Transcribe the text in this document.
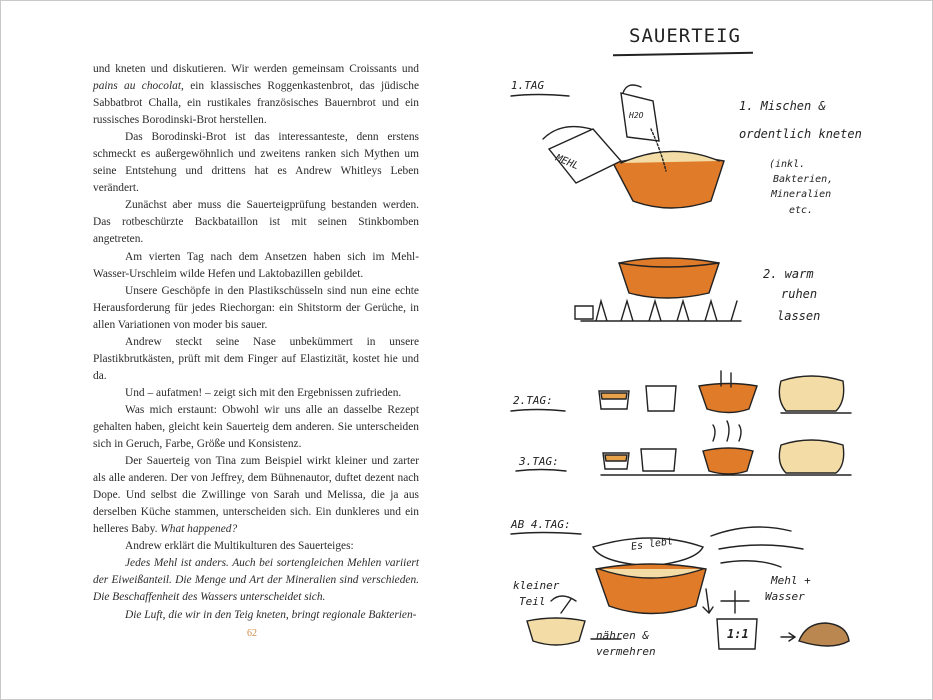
und kneten und diskutieren. Wir werden gemeinsam Croissants und pains au chocolat, ein klassisches Roggenkastenbrot, das jüdische Sabbatbrot Challa, ein rustikales französisches Bauernbrot und ein russisches Borodinski-Brot herstellen.

Das Borodinski-Brot ist das interessanteste, denn erstens schmeckt es außergewöhnlich und zweitens ranken sich Mythen um seine Entstehung und drittens hat es Andrew Whitleys Leben verändert.

Zunächst aber muss die Sauerteigprüfung bestanden werden. Das rotbeschürzte Backbataillon ist mit seinen Stinkbomben angetreten.

Am vierten Tag nach dem Ansetzen haben sich im Mehl-Wasser-Urschleim wilde Hefen und Laktobazillen gebildet.

Unsere Geschöpfe in den Plastikschüsseln sind nun eine echte Herausforderung für jedes Riechorgan: ein Shitstorm der Gerüche, in allen Variationen von moder bis sauer.

Andrew steckt seine Nase unbekümmert in unsere Plastikbrutkästen, prüft mit dem Finger auf Elastizität, kostet hie und da.

Und – aufatmen! – zeigt sich mit den Ergebnissen zufrieden.

Was mich erstaunt: Obwohl wir uns alle an dasselbe Rezept gehalten haben, gleicht kein Sauerteig dem anderen. Sie unterscheiden sich in Geruch, Farbe, Größe und Konsistenz.

Der Sauerteig von Tina zum Beispiel wirkt kleiner und zarter als alle anderen. Der von Jeffrey, dem Bühnenautor, duftet dezent nach Dope. Und selbst die Zwillinge von Sarah und Melissa, die ja aus derselben Küche stammen, unterscheiden sich. Ein dunkleres und ein helleres Baby. What happened?

Andrew erklärt die Multikulturen des Sauerteiges:

Jedes Mehl ist anders. Auch bei sortengleichen Mehlen variiert der Eiweißanteil. Die Menge und Art der Mineralien sind verschieden. Die Beschaffenheit des Wassers unterscheidet sich.

Die Luft, die wir in den Teig kneten, bringt regionale Bakterien-

62
SAUERTEIG
1.TAG
1. Mischen &
ordentlich kneten
(inkl.
Bakterien,
Mineralien
etc.
MEHL
H2O
2. warm
ruhen
lassen
2.TAG:
3.TAG:
AB 4.TAG:
Es lebt
kleiner
Teil
Mehl +
Wasser
nähren &
vermehren
1:1
